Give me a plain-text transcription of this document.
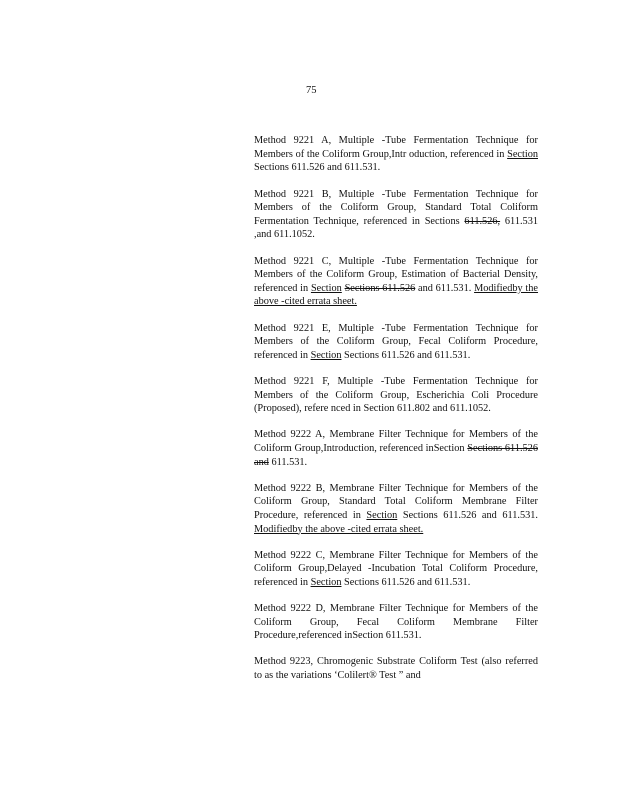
75

Method 9221 A, Multiple -Tube Fermentation Technique for Members of the Coliform Group,Intr oduction, referenced in Section Sections 611.526 and 611.531.

Method 9221 B, Multiple -Tube Fermentation Technique for Members of the Coliform Group, Standard Total Coliform Fermentation Technique, referenced in Sections 611.526, 611.531 ,and 611.1052.

Method 9221 C, Multiple -Tube Fermentation Technique for Members of the Coliform Group, Estimation of Bacterial Density, referenced in Section Sections 611.526 and 611.531. Modifiedby the above -cited errata sheet.

Method 9221 E, Multiple -Tube Fermentation Technique for Members of the Coliform Group, Fecal Coliform Procedure, referenced in Section Sections 611.526 and 611.531.

Method 9221 F, Multiple -Tube Fermentation Technique for Members of the Coliform Group, Escherichia Coli Procedure (Proposed), refere nced in Section 611.802 and 611.1052.

Method 9222 A, Membrane Filter Technique for Members of the Coliform Group,Introduction, referenced inSection Sections 611.526 and 611.531.

Method 9222 B, Membrane Filter Technique for Members of the Coliform Group, Standard Total Coliform Membrane Filter Procedure, referenced in Section Sections 611.526 and 611.531. Modifiedby the above -cited errata sheet.

Method 9222 C, Membrane Filter Technique for Members of the Coliform Group,Delayed -Incubation Total Coliform Procedure, referenced in Section Sections 611.526 and 611.531.

Method 9222 D, Membrane Filter Technique for Members of the Coliform Group, Fecal Coliform Membrane Filter Procedure,referenced inSection 611.531.

Method 9223, Chromogenic Substrate Coliform Test (also referred to as the variations ‘Colilert® Test ” and
